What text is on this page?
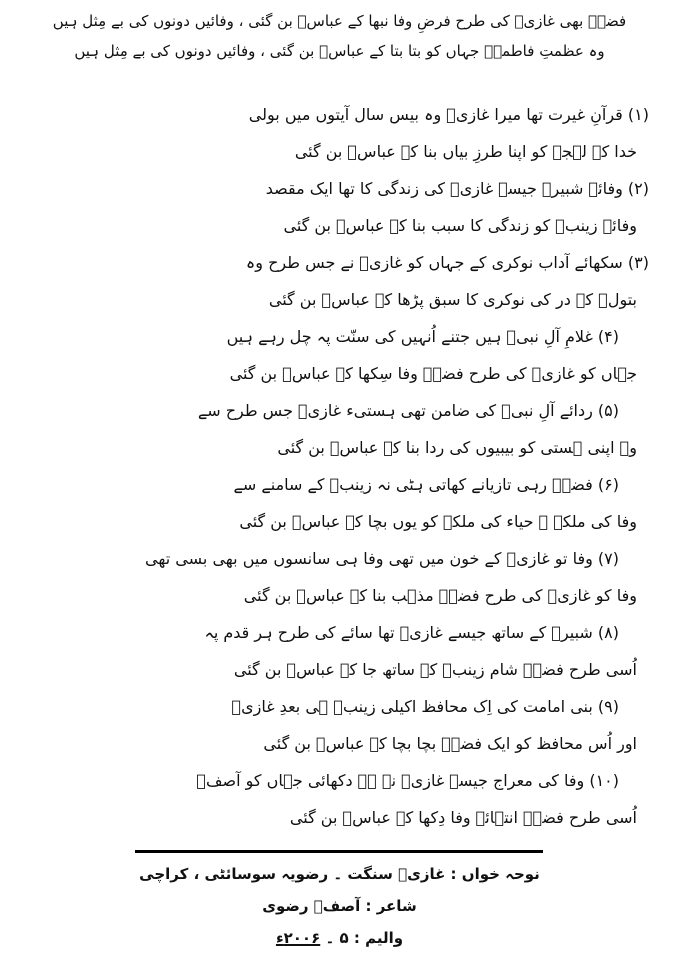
فضہؑ بھی غازیؑ کی طرح فرضِ وفا نبھا کے عباسؑ بن گئی ، وفائیں دونوں کی بے مِثل ہیں
وہ عظمتِ فاطمہؑ جہاں کو بتا بتا کے عباسؑ بن گئی ، وفائیں دونوں کی بے مِثل ہیں
(۱) قرآنِ غیرت تھا میرا غازیؑ وہ بیس سال آیتوں میں بولی
خدا کے لہجے کو اپنا طرزِ بیاں بنا کے عباسؑ بن گئی
(۲) وفائے شبیرؑ جیسے غازیؑ کی زندگی کا تھا ایک مقصد
وفائے زینبؑ کو زندگی کا سبب بنا کے عباسؑ بن گئی
(۳) سکھائے آداب نوکری کے جہاں کو غازیؑ نے جس طرح وہ
بتولؑ کے در کی نوکری کا سبق پڑھا کے عباسؑ بن گئی
(۴) غلامِ آلِ نبیؐ ہیں جتنے اُنہیں کی سنّت پہ چل رہے ہیں
جہاں کو غازیؑ کی طرح فضہؑ وفا سِکھا کے عباسؑ بن گئی
(۵) ردائے آلِ نبیؐ کی ضامن تھی ہستیء غازیؑ جس طرح سے
وہ اپنی ہستی کو بیبیوں کی ردا بنا کے عباسؑ بن گئی
(۶) فضہؑ رہی تازیانے کھاتی ہٹی نہ زینبؑ کے سامنے سے
وفا کی ملکہ ۔ حیاء کی ملکہ کو یوں بچا کے عباسؑ بن گئی
(۷) وفا تو غازیؑ کے خون میں تھی وفا ہی سانسوں میں بھی بسی تھی
وفا کو غازیؑ کی طرح فضہؑ مذہب بنا کے عباسؑ بن گئی
(۸) شبیرؑ کے ساتھ جیسے غازیؑ تھا سائے کی طرح ہر قدم پہ
اُسی طرح فضہؑ شام زینبؑ کے ساتھ جا کے عباسؑ بن گئی
(۹) بنی امامت کی اِک محافظ اکیلی زینبؑ ہی بعدِ غازیؑ
اور اُس محافظ کو ایک فضہؑ بچا بچا کے عباسؑ بن گئی
(۱۰) وفا کی معراج جیسے غازیؑ نے ہے دکھائی جہاں کو آصفؔ
اُسی طرح فضہؑ انتہائے وفا دِکھا کے عباسؑ بن گئی
نوحہ خواں : غازیؑ سنگت ۔ رضویہ سوسائٹی ، کراچی
شاعر : آصفؔ رضوی
والیم : ۵ ۔ ۲۰۰۶ء
